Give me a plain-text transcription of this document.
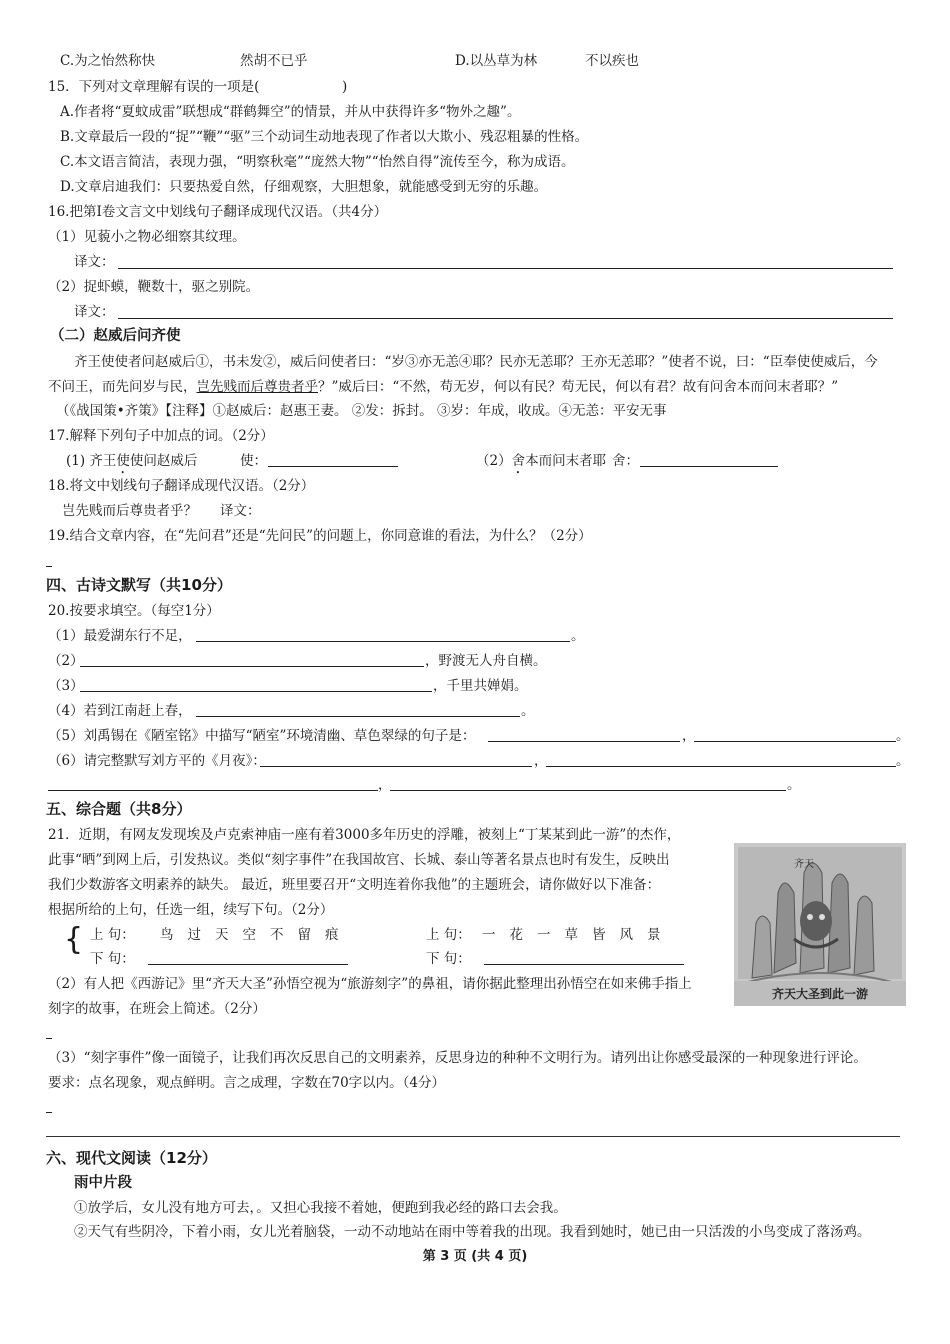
C.为之怡然称快	然胡不已乎	D.以丛草为林	不以疾也
15．下列对文章理解有误的一项是(	)
A.作者将“夏蚊成雷”联想成“群鹤舞空”的情景，并从中获得许多“物外之趣”。
B.文章最后一段的“捉”“鞭”“驱”三个动词生动地表现了作者以大欺小、残忍粗暴的性格。
C.本文语言简洁，表现力强，“明察秋毫”“庞然大物”“怡然自得”流传至今，称为成语。
D.文章启迪我们：只要热爱自然，仔细观察，大胆想象，就能感受到无穷的乐趣。
16.把第Ⅰ卷文言文中划线句子翻译成现代汉语。（共4分）
（1）见藐小之物必细察其纹理。
译文：
（2）捉虾蟆，鞭数十，驱之别院。
译文：
（二）赵威后问齐使
齐王使使者问赵威后①，书未发②，威后问使者曰：“岁③亦无恙④耶？民亦无恙耶？王亦无恙耶？”使者不说，曰：“臣奉使使威后，今
不问王，而先问岁与民，岂先贱而后尊贵者乎？”威后曰：“不然，苟无岁，何以有民？苟无民，何以有君？故有问舍本而问末者耶？”
（《战国策•齐策》【注释】①赵威后：赵惠王妻。 ②发：拆封。 ③岁：年成，收成。④无恙：平安无事
17.解释下列句子中加点的词。（2分）
(1) 齐王使使问赵威后	使：	（2）舍本而问末者耶 舍：
18.将文中划线句子翻译成现代汉语。（2分）
岂先贱而后尊贵者乎？ 译文：
19.结合文章内容，在“先问君”还是“先问民”的问题上，你同意谁的看法，为什么？（2分）
四、古诗文默写（共10分）
20.按要求填空。（每空1分）
（1）最爱湖东行不足，	。
（2）	，野渡无人舟自横。
（3）	，千里共婵娟。
（4）若到江南赶上春，	。
（5）刘禹锡在《陋室铭》中描写“陋室”环境清幽、草色翠绿的句子是：	，	。
（6）请完整默写刘方平的《月夜》：	，	。
，	。
五、综合题（共8分）
21．近期，有网友发现埃及卢克索神庙一座有着3000多年历史的浮雕，被刻上“丁某某到此一游”的杰作，
此事“晒”到网上后，引发热议。类似“刻字事件”在我国故宫、长城、泰山等著名景点也时有发生，反映出
我们少数游客文明素养的缺失。 最近，班里要召开“文明连着你我他”的主题班会，请你做好以下准备：
根据所给的上句，任选一组，续写下句。（2分）
{ 上 句： 鸟过天空不留痕
下 句：
上 句： 一花一草皆风景
下 句：
（2）有人把《西游记》里“齐天大圣”孙悟空视为“旅游刻字”的鼻祖，请你据此整理出孙悟空在如来佛手指上
刻字的故事，在班会上简述。（2分）
（3）“刻字事件”像一面镜子，让我们再次反思自己的文明素养，反思身边的种种不文明行为。请列出让你感受最深的一种现象进行评论。
要求：点名现象，观点鲜明。言之成理，字数在70字以内。（4分）
齐天
齐天大圣到此一游
六、现代文阅读（12分）
雨中片段
①放学后，女儿没有地方可去，。又担心我接不着她，便跑到我必经的路口去会我。
②天气有些阴冷，下着小雨，女儿光着脑袋，一动不动地站在雨中等着我的出现。我看到她时，她已由一只活泼的小鸟变成了落汤鸡。
第 3 页 (共 4 页)
